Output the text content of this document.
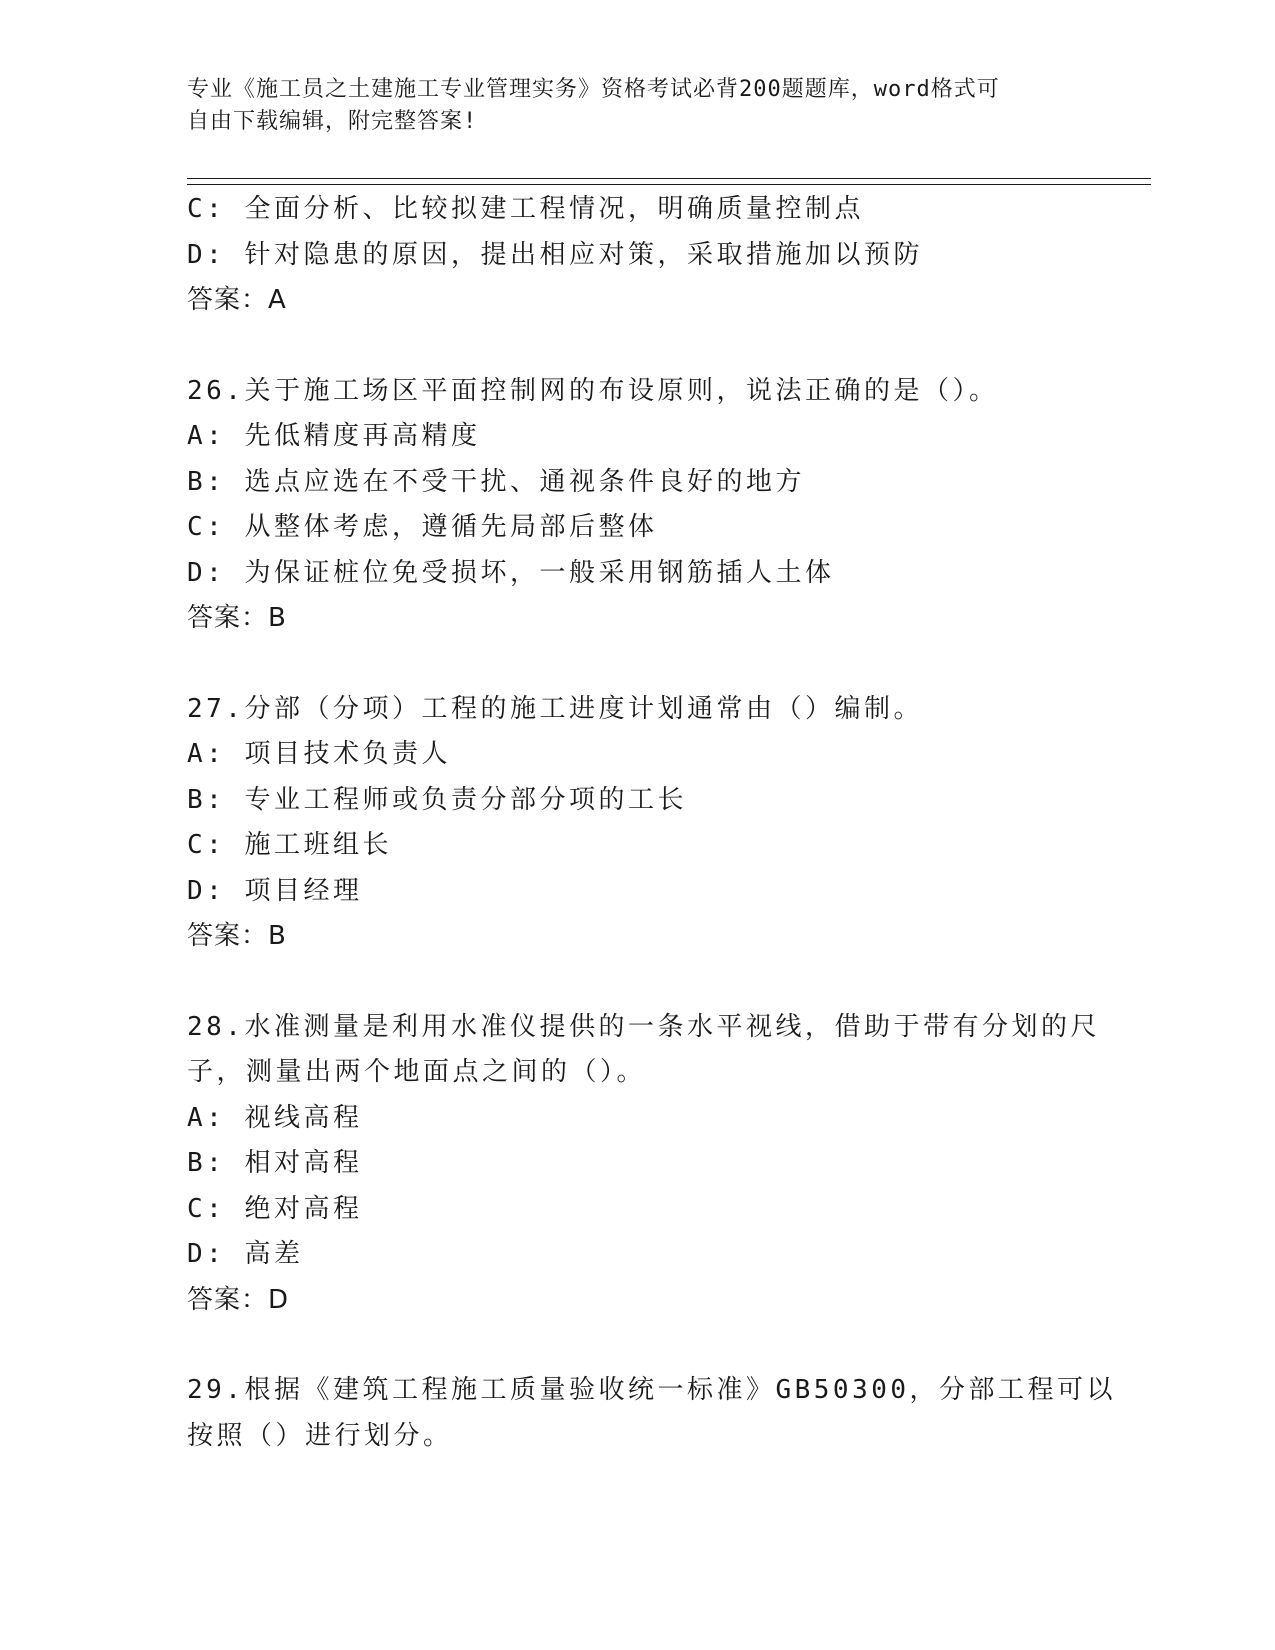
专业《施工员之土建施工专业管理实务》资格考试必背200题题库，word格式可
自由下载编辑，附完整答案!
C: 全面分析、比较拟建工程情况，明确质量控制点
D: 针对隐患的原因，提出相应对策，采取措施加以预防
答案：A
26.关于施工场区平面控制网的布设原则，说法正确的是（）。
A: 先低精度再高精度
B: 选点应选在不受干扰、通视条件良好的地方
C: 从整体考虑，遵循先局部后整体
D: 为保证桩位免受损坏，一般采用钢筋插人土体
答案：B
27.分部（分项）工程的施工进度计划通常由（）编制。
A: 项目技术负责人
B: 专业工程师或负责分部分项的工长
C: 施工班组长
D: 项目经理
答案：B
28.水准测量是利用水准仪提供的一条水平视线，借助于带有分划的尺
子，测量出两个地面点之间的（）。
A: 视线高程
B: 相对高程
C: 绝对高程
D: 高差
答案：D
29.根据《建筑工程施工质量验收统一标准》GB50300，分部工程可以
按照（）进行划分。
